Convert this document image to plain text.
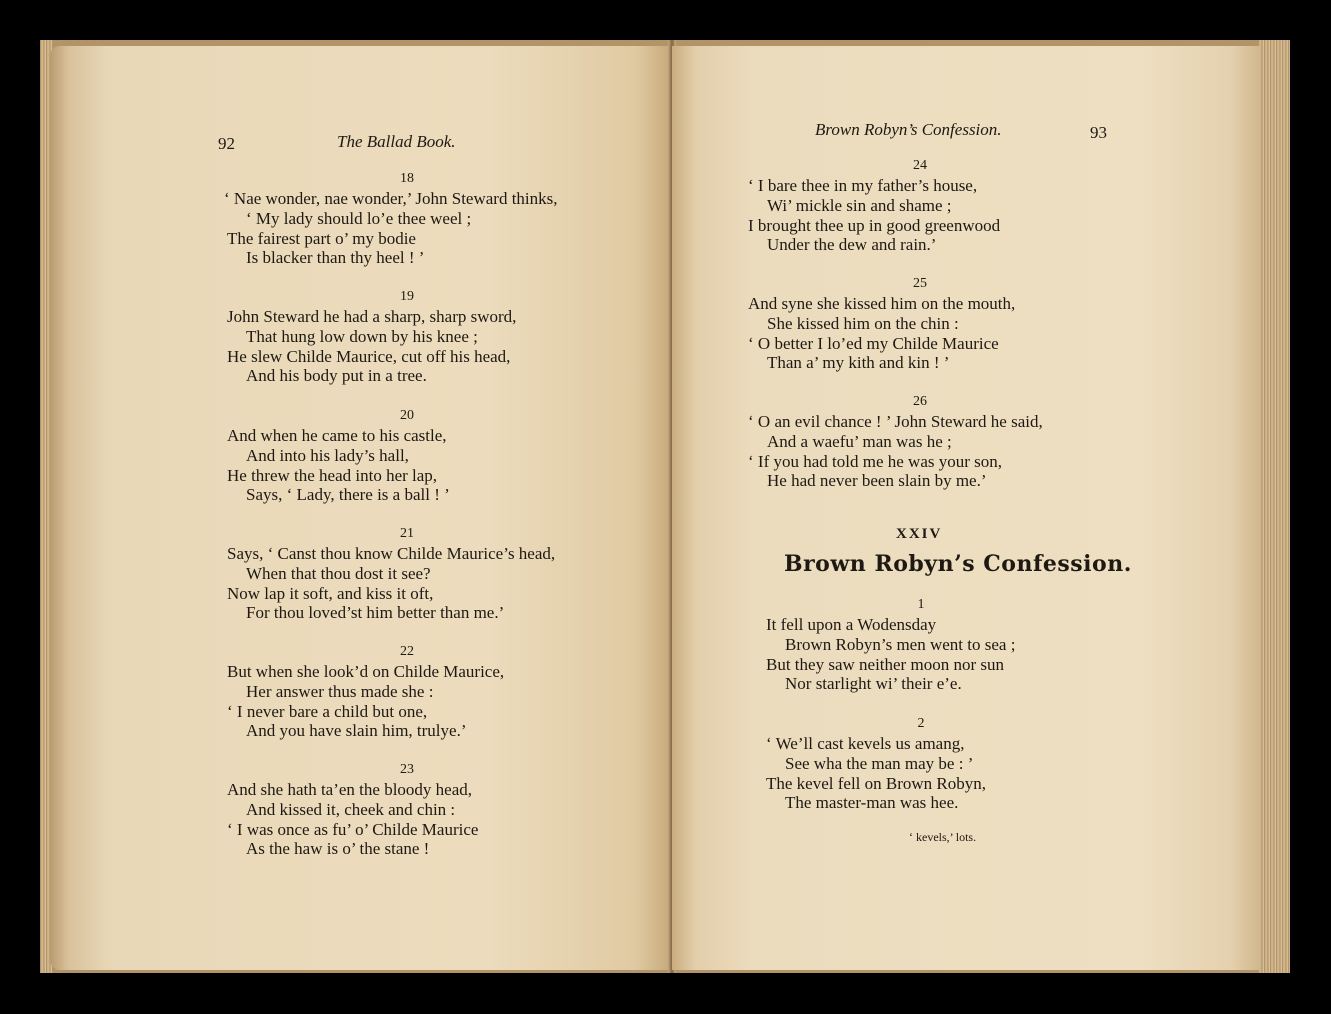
92	The Ballad Book.
18
‘ Nae wonder, nae wonder,’ John Steward thinks,
‘ My lady should lo’e thee weel ;
The fairest part o’ my bodie
Is blacker than thy heel ! ’
19
John Steward he had a sharp, sharp sword,
That hung low down by his knee ;
He slew Childe Maurice, cut off his head,
And his body put in a tree.
20
And when he came to his castle,
And into his lady’s hall,
He threw the head into her lap,
Says, ‘ Lady, there is a ball ! ’
21
Says, ‘ Canst thou know Childe Maurice’s head,
When that thou dost it see?
Now lap it soft, and kiss it oft,
For thou loved’st him better than me.’
22
But when she look’d on Childe Maurice,
Her answer thus made she :
‘ I never bare a child but one,
And you have slain him, trulye.’
23
And she hath ta’en the bloody head,
And kissed it, cheek and chin :
‘ I was once as fu’ o’ Childe Maurice
As the haw is o’ the stane !
Brown Robyn’s Confession.	93
24
‘ I bare thee in my father’s house,
Wi’ mickle sin and shame ;
I brought thee up in good greenwood
Under the dew and rain.’
25
And syne she kissed him on the mouth,
She kissed him on the chin :
‘ O better I lo’ed my Childe Maurice
Than a’ my kith and kin ! ’
26
‘ O an evil chance ! ’ John Steward he said,
And a waefu’ man was he ;
‘ If you had told me he was your son,
He had never been slain by me.’
XXIV
Brown Robyn’s Confession.
1
It fell upon a Wodensday
Brown Robyn’s men went to sea ;
But they saw neither moon nor sun
Nor starlight wi’ their e’e.
2
‘ We’ll cast kevels us amang,
See wha the man may be : ’
The kevel fell on Brown Robyn,
The master-man was hee.
‘ kevels,’ lots.
